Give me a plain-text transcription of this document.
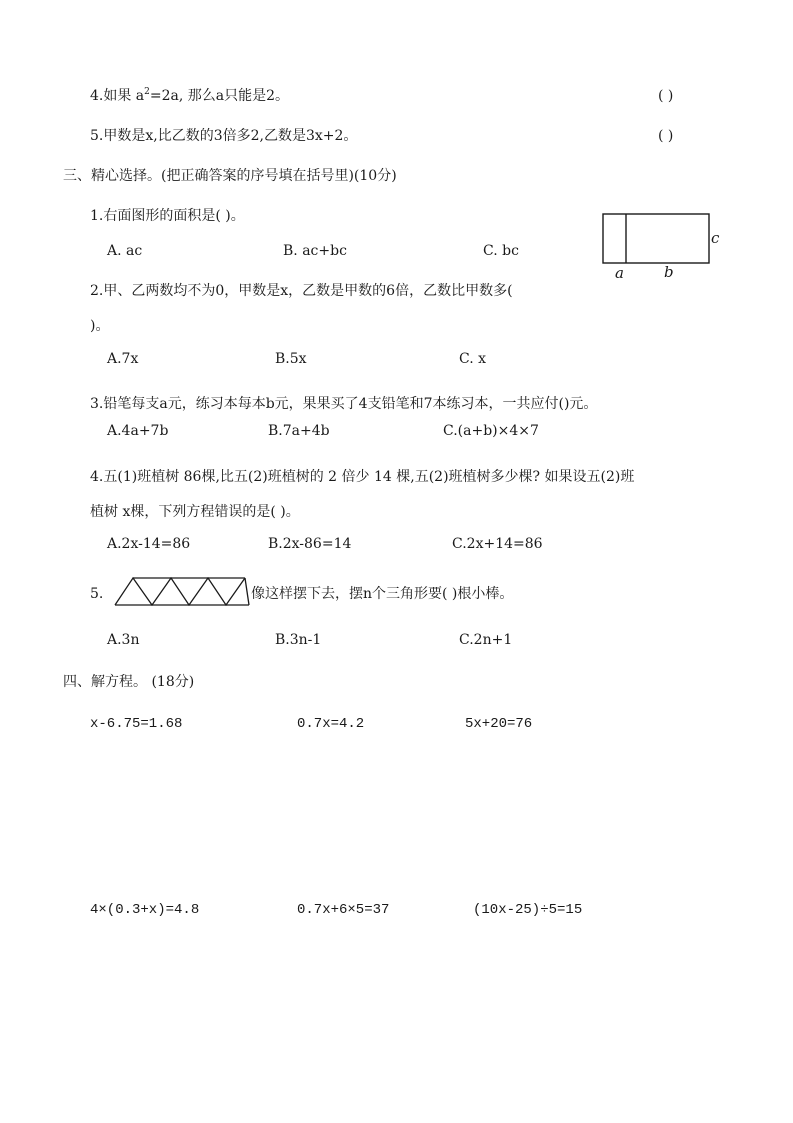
4.如果 $a^2=2a$, 那么a只能是2。	( )
5.甲数是x,比乙数的3倍多2,乙数是3x+2。	( )
三、精心选择。(把正确答案的序号填在括号里)(10分)
1.右面图形的面积是( )。
A. ac	B. ac+bc	C. bc
a	b
c
2.甲、乙两数均不为0，甲数是x，乙数是甲数的6倍，乙数比甲数多(
)。
A.7x	B.5x	C. x
3.铅笔每支a元，练习本每本b元，果果买了4支铅笔和7本练习本，一共应付()元。
A.4a+7b	B.7a+4b	C.(a+b)×4×7
4.五(1)班植树 86棵,比五(2)班植树的 2 倍少 14 棵,五(2)班植树多少棵? 如果设五(2)班
植树 x棵，下列方程错误的是( )。
A.2x-14=86	B.2x-86=14	C.2x+14=86
5.	像这样摆下去，摆n个三角形要( )根小棒。
A.3n	B.3n-1	C.2n+1
四、解方程。 (18分)
x-6.75=1.68	0.7x=4.2	5x+20=76
4×(0.3+x)=4.8	0.7x+6×5=37	(10x-25)÷5=15
